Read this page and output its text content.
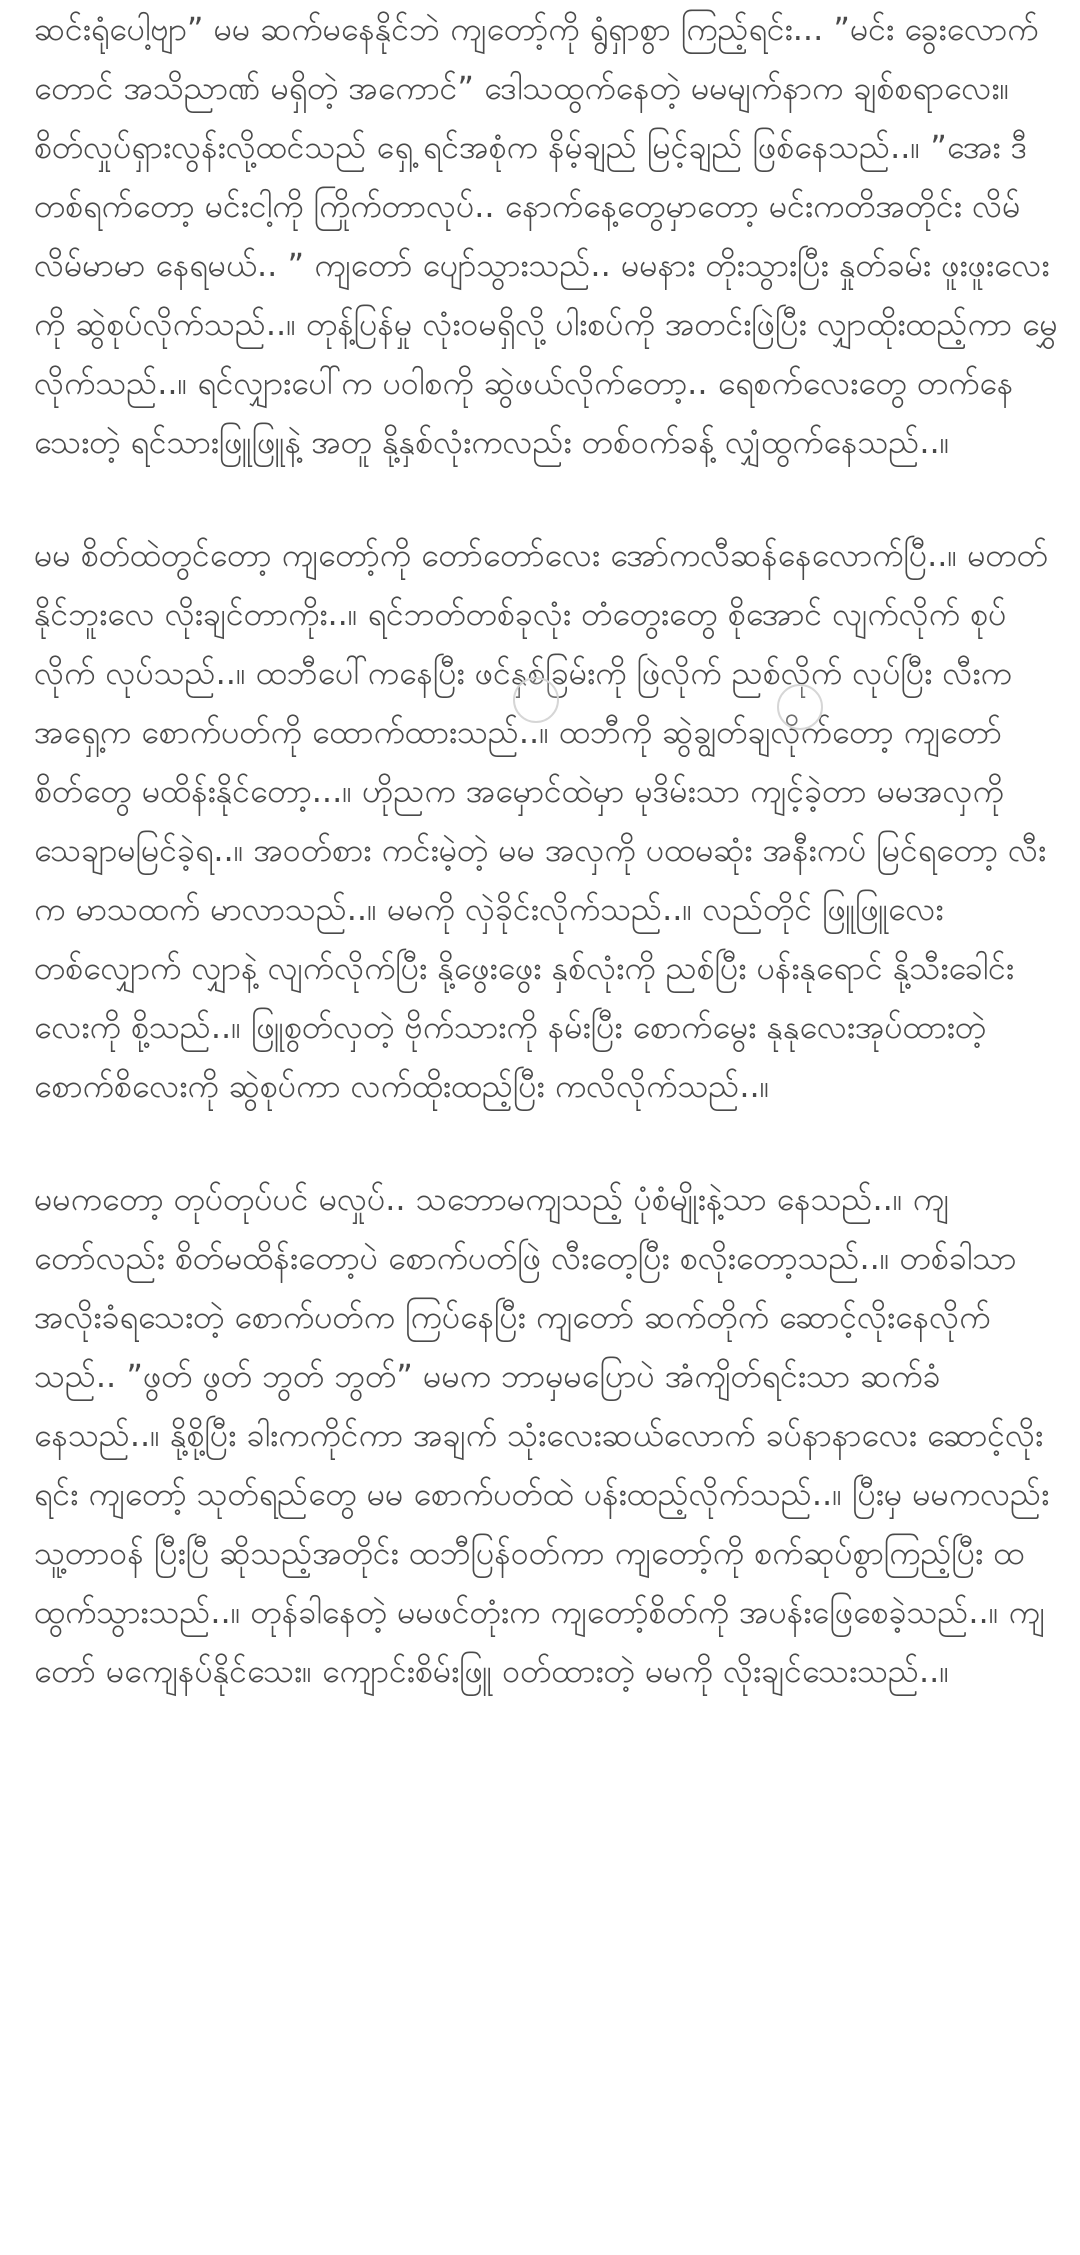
ဆင်းရုံပေါ့ဗျာ” မမ ဆက်မနေနိုင်ဘဲ ကျတော့်ကို ရွံရှာစွာ ကြည့်ရင်း... ”မင်း ခွေးလောက်တောင် အသိညာဏ် မရှိတဲ့ အကောင်” ဒေါသထွက်နေတဲ့ မမမျက်နာက ချစ်စရာလေး။ စိတ်လှုပ်ရှားလွန်းလို့ထင်သည် ရှေ့ ရင်အစုံက နိမ့်ချည် မြင့်ချည် ဖြစ်နေသည်..။ ”အေး ဒီတစ်ရက်တော့ မင်းငါ့ကို ကြိုက်တာလုပ်.. နောက်နေ့တွေမှာတော့ မင်းကတိအတိုင်း လိမ်လိမ်မာမာ နေရမယ်.. ” ကျတော် ပျော်သွားသည်.. မမနား တိုးသွားပြီး နှုတ်ခမ်း ဖူးဖူးလေးကို ဆွဲစုပ်လိုက်သည်..။ တုန့်ပြန်မှု လုံးဝမရှိလို့ ပါးစပ်ကို အတင်းဖြဲပြီး လျှာထိုးထည့်ကာ မွှေလိုက်သည်..။ ရင်လျှားပေါ်က ပဝါစကို ဆွဲဖယ်လိုက်တော့.. ရေစက်လေးတွေ တက်နေသေးတဲ့ ရင်သားဖြူဖြူနဲ့ အတူ နို့နှစ်လုံးကလည်း တစ်ဝက်ခန့် လျှံထွက်နေသည်..။

မမ စိတ်ထဲတွင်တော့ ကျတော့်ကို တော်တော်လေး အော်ကလီဆန်နေလောက်ပြီ..။ မတတ်နိုင်ဘူးလေ လိုးချင်တာကိုး..။ ရင်ဘတ်တစ်ခုလုံး တံတွေးတွေ စိုအောင် လျက်လိုက် စုပ်လိုက် လုပ်သည်..။ ထဘီပေါ်ကနေပြီး ဖင်နှစ်ခြမ်းကို ဖြဲလိုက် ညစ်လိုက် လုပ်ပြီး လီးက အရှေ့က စောက်ပတ်ကို ထောက်ထားသည်..။ ထဘီကို ဆွဲချွတ်ချလိုက်တော့ ကျတော် စိတ်တွေ မထိန်းနိုင်တော့...။ ဟိုညက အမှောင်ထဲမှာ မုဒိမ်းသာ ကျင့်ခဲ့တာ မမအလှကို သေချာမမြင်ခဲ့ရ..။ အဝတ်စား ကင်းမဲ့တဲ့ မမ အလှကို ပထမဆုံး အနီးကပ် မြင်ရတော့ လီးက မာသထက် မာလာသည်..။ မမကို လှဲခိုင်းလိုက်သည်..။ လည်တိုင် ဖြူဖြူလေး တစ်လျှောက် လျှာနဲ့ လျက်လိုက်ပြီး နို့ဖွေးဖွေး နှစ်လုံးကို ညစ်ပြီး ပန်းနုရောင် နို့သီးခေါင်းလေးကို စို့သည်..။ ဖြူစွတ်လှတဲ့ ဗိုက်သားကို နမ်းပြီး စောက်မွေး နုနုလေးအုပ်ထားတဲ့ စောက်စိလေးကို ဆွဲစုပ်ကာ လက်ထိုးထည့်ပြီး ကလိလိုက်သည်..။

မမကတော့ တုပ်တုပ်ပင် မလှုပ်.. သဘောမကျသည့် ပုံစံမျိုးနဲ့သာ နေသည်..။ ကျတော်လည်း စိတ်မထိန်းတော့ပဲ စောက်ပတ်ဖြဲ လီးတေ့ပြီး စလိုးတော့သည်..။ တစ်ခါသာ အလိုးခံရသေးတဲ့ စောက်ပတ်က ကြပ်နေပြီး ကျတော် ဆက်တိုက် ဆောင့်လိုးနေလိုက်သည်.. ”ဖွတ် ဖွတ် ဘွတ် ဘွတ်” မမက ဘာမှမပြောပဲ အံကျိတ်ရင်းသာ ဆက်ခံနေသည်..။ နို့စို့ပြီး ခါးကကိုင်ကာ အချက် သုံးလေးဆယ်လောက် ခပ်နာနာလေး ဆောင့်လိုးရင်း ကျတော့် သုတ်ရည်တွေ မမ စောက်ပတ်ထဲ ပန်းထည့်လိုက်သည်..။ ပြီးမှ မမကလည်း သူ့တာဝန် ပြီးပြီ ဆိုသည့်အတိုင်း ထဘီပြန်ဝတ်ကာ ကျတော့်ကို စက်ဆုပ်စွာကြည့်ပြီး ထထွက်သွားသည်..။ တုန်ခါနေတဲ့ မမဖင်တုံးက ကျတော့်စိတ်ကို အပန်းဖြေစေခဲ့သည်..။ ကျတော် မကျေနပ်နိုင်သေး။ ကျောင်းစိမ်းဖြူ ဝတ်ထားတဲ့ မမကို လိုးချင်သေးသည်..။
